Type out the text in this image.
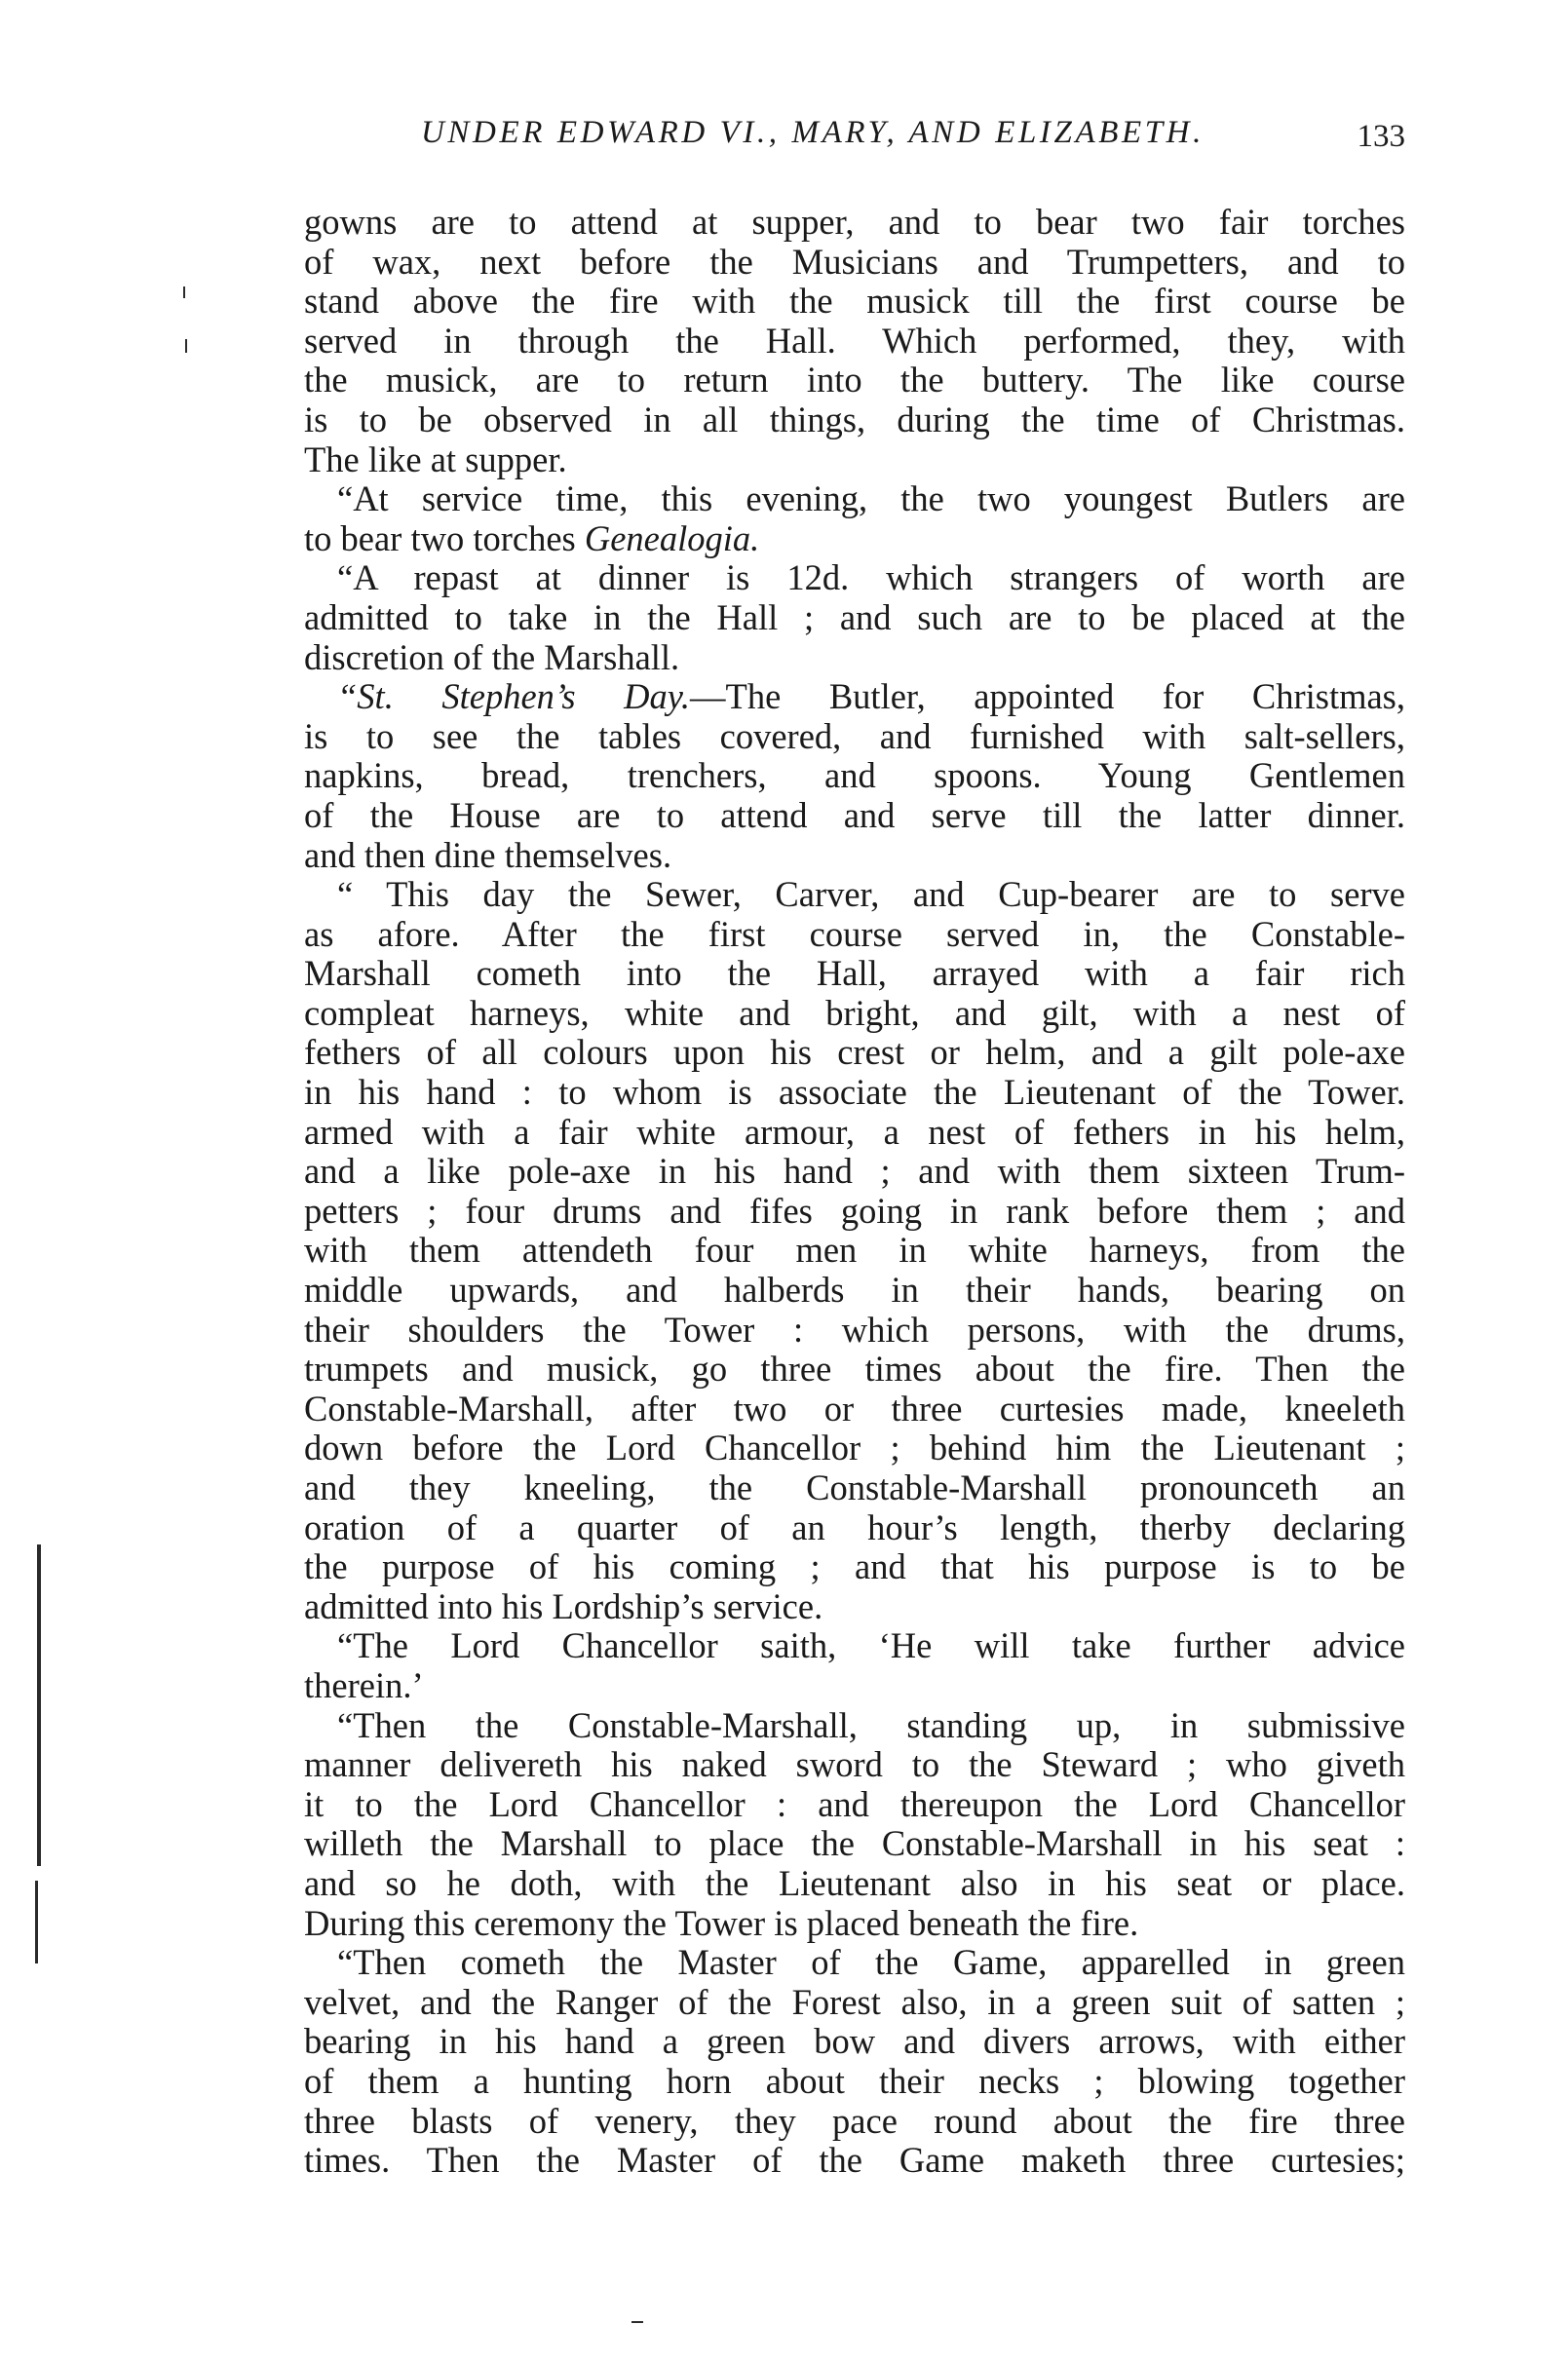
UNDER EDWARD VI., MARY, AND ELIZABETH.	133
gowns are to attend at supper, and to bear two fair torches
of wax, next before the Musicians and Trumpetters, and to
stand above the fire with the musick till the first course be
served in through the Hall. Which performed, they, with
the musick, are to return into the buttery. The like course
is to be observed in all things, during the time of Christmas.
The like at supper.
“At service time, this evening, the two youngest Butlers are
to bear two torches Genealogia.
“A repast at dinner is 12d. which strangers of worth are
admitted to take in the Hall ; and such are to be placed at the
discretion of the Marshall.
“St. Stephen’s Day.—The Butler, appointed for Christmas,
is to see the tables covered, and furnished with salt-sellers,
napkins, bread, trenchers, and spoons. Young Gentlemen
of the House are to attend and serve till the latter dinner.
and then dine themselves.
“ This day the Sewer, Carver, and Cup-bearer are to serve
as afore. After the first course served in, the Constable-
Marshall cometh into the Hall, arrayed with a fair rich
compleat harneys, white and bright, and gilt, with a nest of
fethers of all colours upon his crest or helm, and a gilt pole-axe
in his hand : to whom is associate the Lieutenant of the Tower.
armed with a fair white armour, a nest of fethers in his helm,
and a like pole-axe in his hand ; and with them sixteen Trum-
petters ; four drums and fifes going in rank before them ; and
with them attendeth four men in white harneys, from the
middle upwards, and halberds in their hands, bearing on
their shoulders the Tower : which persons, with the drums,
trumpets and musick, go three times about the fire. Then the
Constable-Marshall, after two or three curtesies made, kneeleth
down before the Lord Chancellor ; behind him the Lieutenant ;
and they kneeling, the Constable-Marshall pronounceth an
oration of a quarter of an hour’s length, therby declaring
the purpose of his coming ; and that his purpose is to be
admitted into his Lordship’s service.
“The Lord Chancellor saith, ‘He will take further advice
therein.’
“Then the Constable-Marshall, standing up, in submissive
manner delivereth his naked sword to the Steward ; who giveth
it to the Lord Chancellor : and thereupon the Lord Chancellor
willeth the Marshall to place the Constable-Marshall in his seat :
and so he doth, with the Lieutenant also in his seat or place.
During this ceremony the Tower is placed beneath the fire.
“Then cometh the Master of the Game, apparelled in green
velvet, and the Ranger of the Forest also, in a green suit of satten ;
bearing in his hand a green bow and divers arrows, with either
of them a hunting horn about their necks ; blowing together
three blasts of venery, they pace round about the fire three
times. Then the Master of the Game maketh three curtesies;
